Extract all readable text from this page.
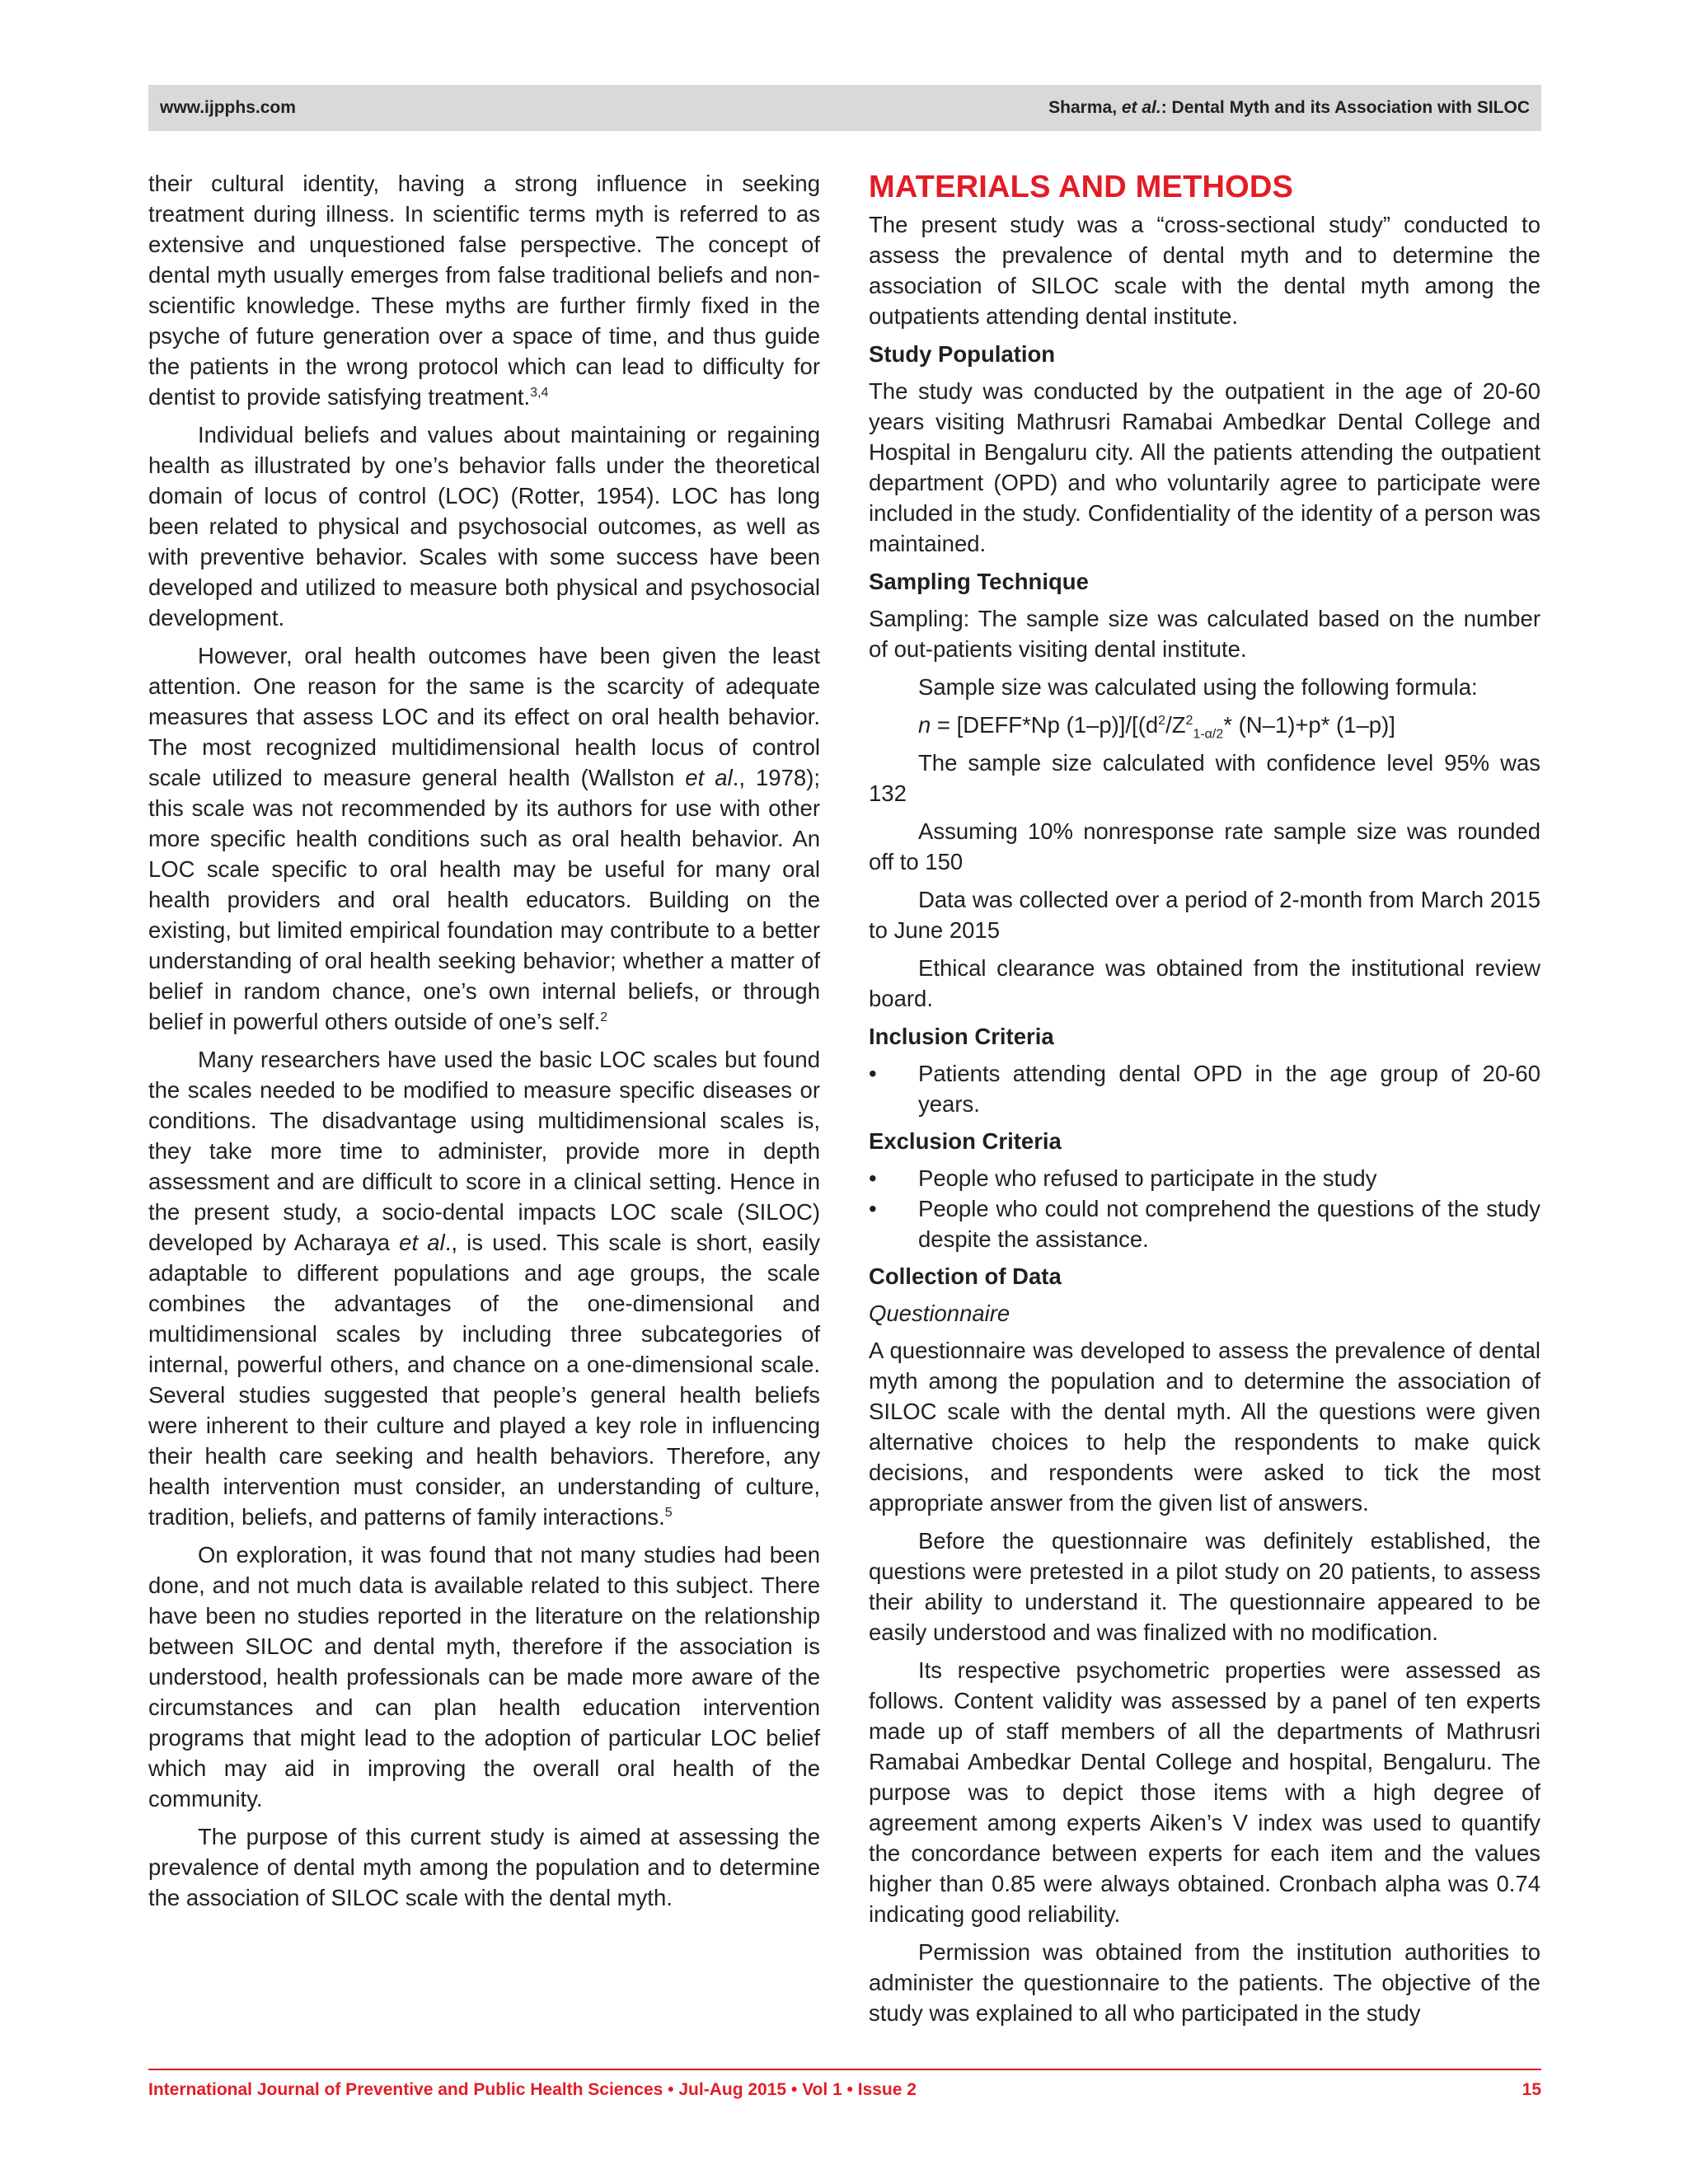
www.ijpphs.com	Sharma, et al.: Dental Myth and its Association with SILOC

their cultural identity, having a strong influence in seeking treatment during illness. In scientific terms myth is referred to as extensive and unquestioned false perspective. The concept of dental myth usually emerges from false traditional beliefs and non-scientific knowledge. These myths are further firmly fixed in the psyche of future generation over a space of time, and thus guide the patients in the wrong protocol which can lead to difficulty for dentist to provide satisfying treatment.$^{3,4}$

Individual beliefs and values about maintaining or regaining health as illustrated by one’s behavior falls under the theoretical domain of locus of control (LOC) (Rotter, 1954). LOC has long been related to physical and psychosocial outcomes, as well as with preventive behavior. Scales with some success have been developed and utilized to measure both physical and psychosocial development.

However, oral health outcomes have been given the least attention. One reason for the same is the scarcity of adequate measures that assess LOC and its effect on oral health behavior. The most recognized multidimensional health locus of control scale utilized to measure general health (Wallston et al., 1978); this scale was not recommended by its authors for use with other more specific health conditions such as oral health behavior. An LOC scale specific to oral health may be useful for many oral health providers and oral health educators. Building on the existing, but limited empirical foundation may contribute to a better understanding of oral health seeking behavior; whether a matter of belief in random chance, one’s own internal beliefs, or through belief in powerful others outside of one’s self.$^2$

Many researchers have used the basic LOC scales but found the scales needed to be modified to measure specific diseases or conditions. The disadvantage using multidimensional scales is, they take more time to administer, provide more in depth assessment and are difficult to score in a clinical setting. Hence in the present study, a socio-dental impacts LOC scale (SILOC) developed by Acharaya et al., is used. This scale is short, easily adaptable to different populations and age groups, the scale combines the advantages of the one-dimensional and multidimensional scales by including three subcategories of internal, powerful others, and chance on a one-dimensional scale. Several studies suggested that people’s general health beliefs were inherent to their culture and played a key role in influencing their health care seeking and health behaviors. Therefore, any health intervention must consider, an understanding of culture, tradition, beliefs, and patterns of family interactions.$^5$

On exploration, it was found that not many studies had been done, and not much data is available related to this subject. There have been no studies reported in the literature on the relationship between SILOC and dental myth, therefore if the association is understood, health professionals can be made more aware of the circumstances and can plan health education intervention programs that might lead to the adoption of particular LOC belief which may aid in improving the overall oral health of the community.

The purpose of this current study is aimed at assessing the prevalence of dental myth among the population and to determine the association of SILOC scale with the dental myth.

MATERIALS AND METHODS

The present study was a “cross-sectional study” conducted to assess the prevalence of dental myth and to determine the association of SILOC scale with the dental myth among the outpatients attending dental institute.

Study Population

The study was conducted by the outpatient in the age of 20-60 years visiting Mathrusri Ramabai Ambedkar Dental College and Hospital in Bengaluru city. All the patients attending the outpatient department (OPD) and who voluntarily agree to participate were included in the study. Confidentiality of the identity of a person was maintained.

Sampling Technique

Sampling: The sample size was calculated based on the number of out-patients visiting dental institute.

Sample size was calculated using the following formula:

n = [DEFF*Np $(1-p)]/[(d^2/Z^2_{1-\alpha/2}*$ (N–1)+p* (1–p)]

The sample size calculated with confidence level 95% was 132

Assuming 10% nonresponse rate sample size was rounded off to 150

Data was collected over a period of 2-month from March 2015 to June 2015

Ethical clearance was obtained from the institutional review board.

Inclusion Criteria
• Patients attending dental OPD in the age group of 20-60 years.
Exclusion Criteria
• People who refused to participate in the study
• People who could not comprehend the questions of the study despite the assistance.
Collection of Data
Questionnaire

A questionnaire was developed to assess the prevalence of dental myth among the population and to determine the association of SILOC scale with the dental myth. All the questions were given alternative choices to help the respondents to make quick decisions, and respondents were asked to tick the most appropriate answer from the given list of answers.

Before the questionnaire was definitely established, the questions were pretested in a pilot study on 20 patients, to assess their ability to understand it. The questionnaire appeared to be easily understood and was finalized with no modification.

Its respective psychometric properties were assessed as follows. Content validity was assessed by a panel of ten experts made up of staff members of all the departments of Mathrusri Ramabai Ambedkar Dental College and hospital, Bengaluru. The purpose was to depict those items with a high degree of agreement among experts Aiken’s V index was used to quantify the concordance between experts for each item and the values higher than 0.85 were always obtained. Cronbach alpha was 0.74 indicating good reliability.

Permission was obtained from the institution authorities to administer the questionnaire to the patients. The objective of the study was explained to all who participated in the study

International Journal of Preventive and Public Health Sciences • Jul-Aug 2015 • Vol 1 • Issue 2	15
